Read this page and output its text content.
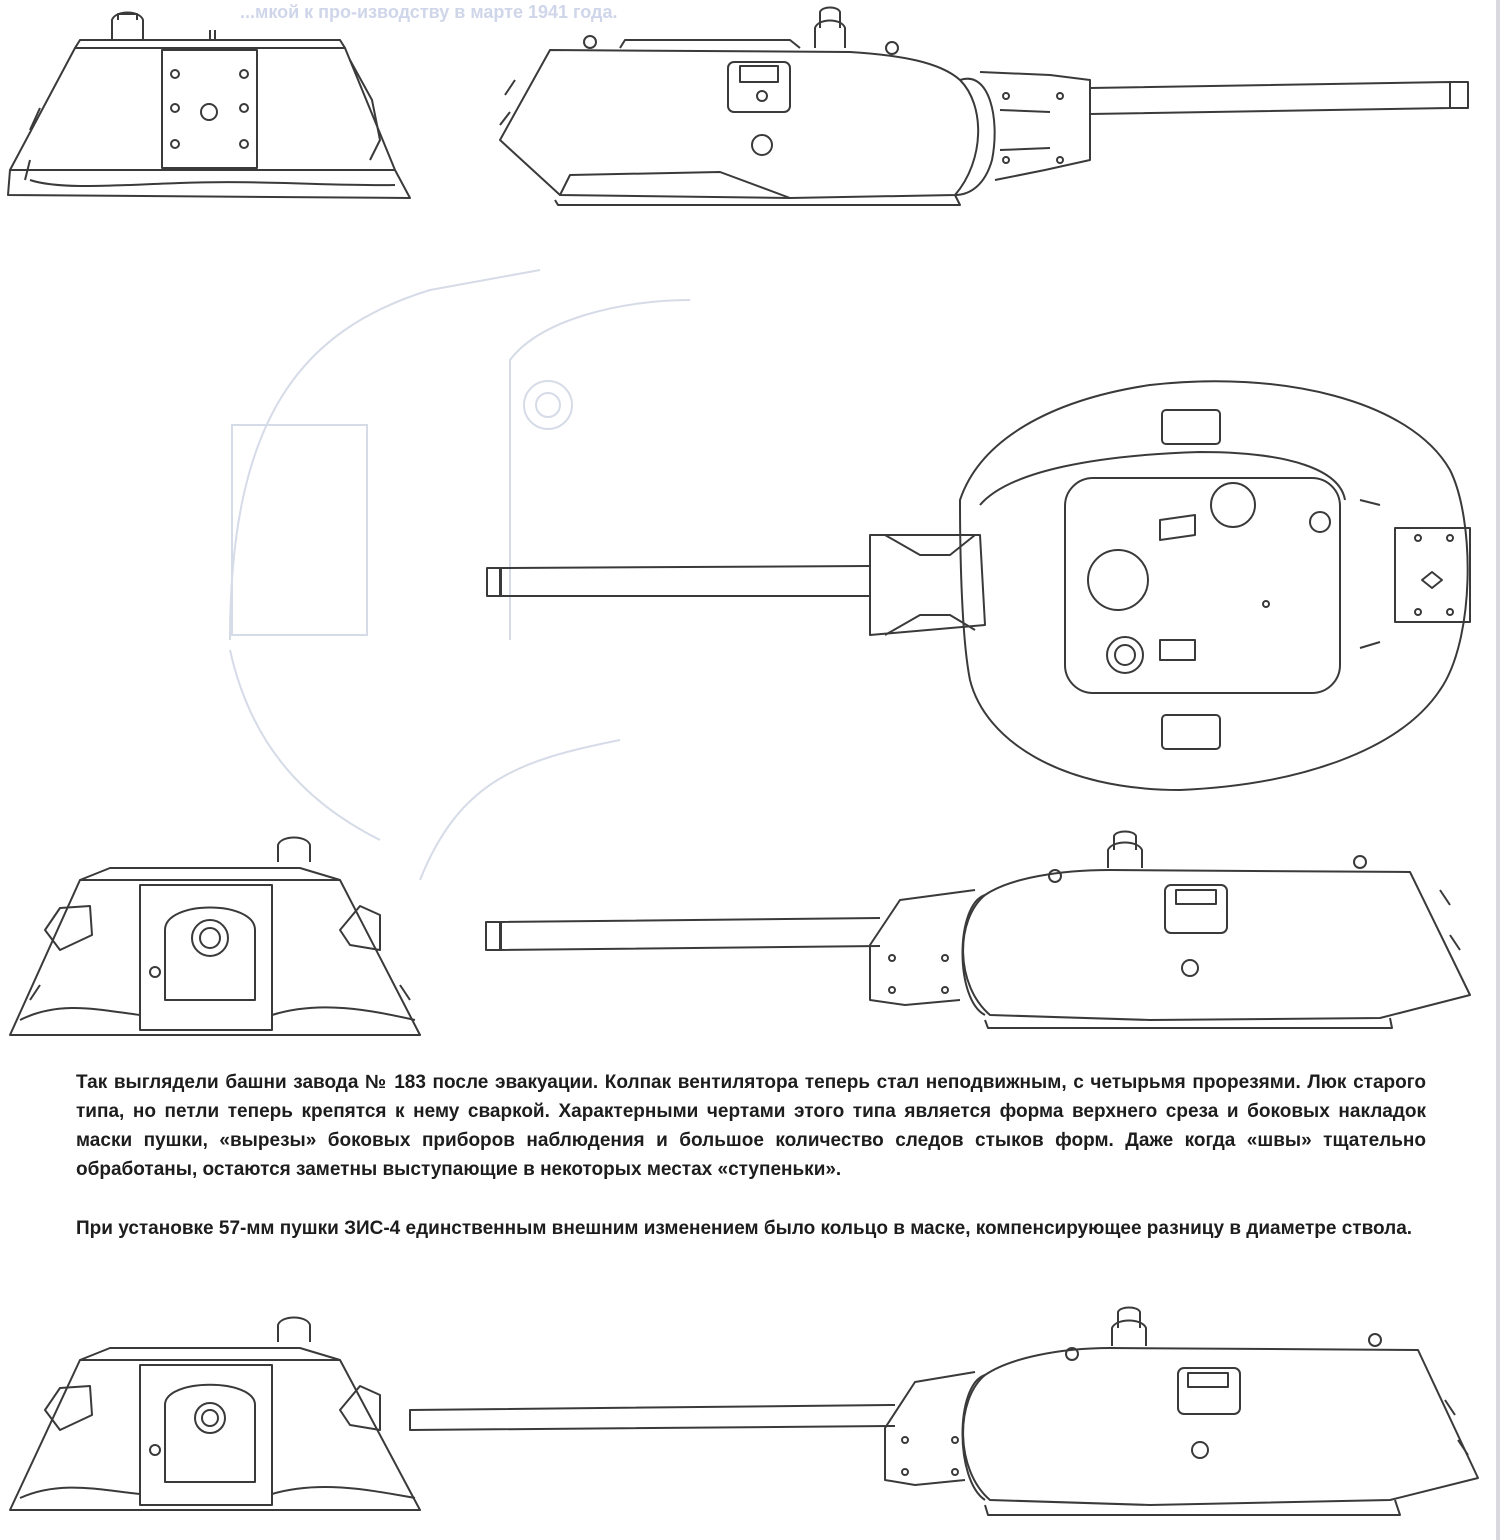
...мкой к про-изводству в марте 1941 года.

Так выглядели башни завода № 183 после эвакуации. Колпак вентилятора теперь стал неподвижным, с четырьмя прорезями. Люк старого типа, но петли теперь крепятся к нему сваркой. Характерными чертами этого типа является форма верхнего среза и боковых накладок маски пушки, «вырезы» боковых приборов наблюдения и большое количество следов стыков форм. Даже когда «швы» тщательно обработаны, остаются заметны выступающие в некоторых местах «ступеньки».

При установке 57-мм пушки ЗИС-4 единственным внешним изменением было кольцо в маске, компенсирующее разницу в диаметре ствола.
